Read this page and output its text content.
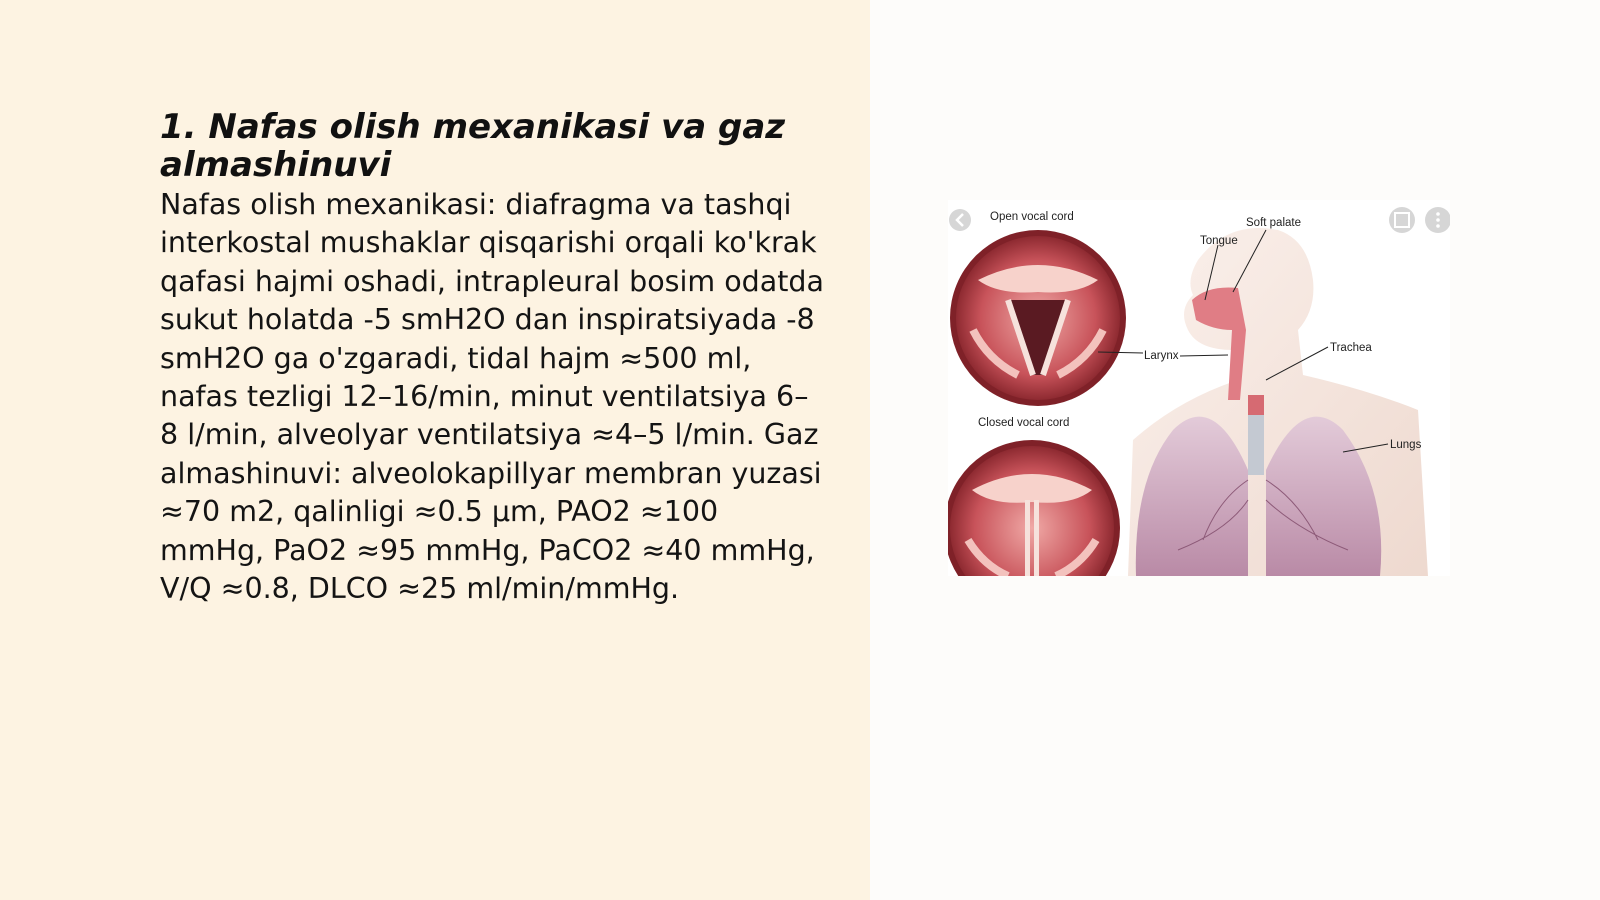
1. Nafas olish mexanikasi va gaz almashinuvi

Nafas olish mexanikasi: diafragma va tashqi interkostal mushaklar qisqarishi orqali ko'krak qafasi hajmi oshadi, intrapleural bosim odatda sukut holatda -5 smH2O dan inspiratsiyada -8 smH2O ga o'zgaradi, tidal hajm ≈500 ml, nafas tezligi 12–16/min, minut ventilatsiya 6–8 l/min, alveolyar ventilatsiya ≈4–5 l/min. Gaz almashinuvi: alveolokapillyar membran yuzasi ≈70 m2, qalinligi ≈0.5 µm, PAO2 ≈100 mmHg, PaO2 ≈95 mmHg, PaCO2 ≈40 mmHg, V/Q ≈0.8, DLCO ≈25 ml/min/mmHg.

Open vocal cord
Closed vocal cord
Soft palate
Tongue
Larynx
Trachea
Lungs
